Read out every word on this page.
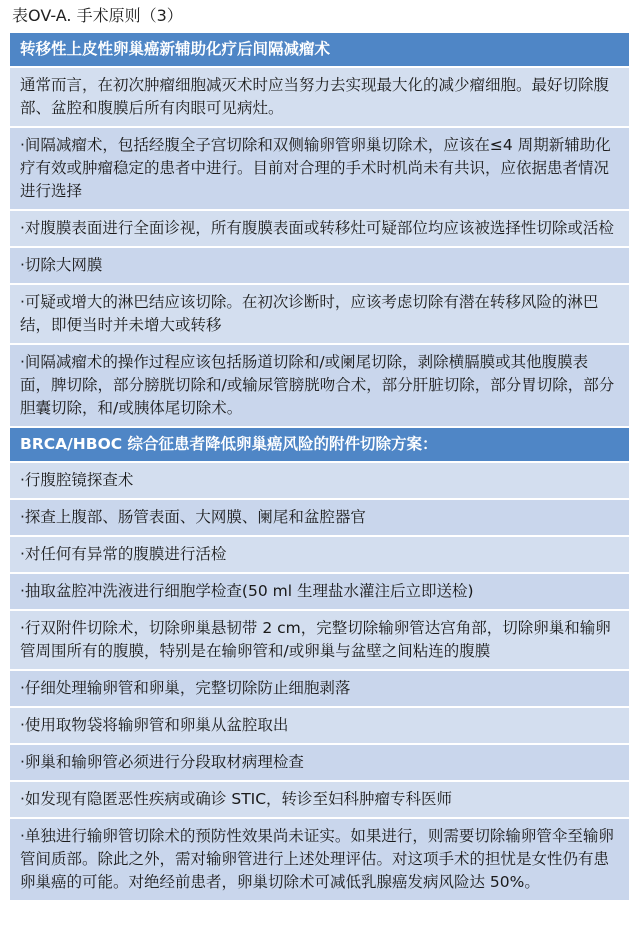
表OV-A. 手术原则（3）
转移性上皮性卵巢癌新辅助化疗后间隔减瘤术
通常而言，在初次肿瘤细胞减灭术时应当努力去实现最大化的减少瘤细胞。最好切除腹部、盆腔和腹膜后所有肉眼可见病灶。
·间隔减瘤术，包括经腹全子宫切除和双侧输卵管卵巢切除术，应该在≤4 周期新辅助化疗有效或肿瘤稳定的患者中进行。目前对合理的手术时机尚未有共识，应依据患者情况进行选择
·对腹膜表面进行全面诊视，所有腹膜表面或转移灶可疑部位均应该被选择性切除或活检
·切除大网膜
·可疑或增大的淋巴结应该切除。在初次诊断时，应该考虑切除有潜在转移风险的淋巴结，即便当时并未增大或转移
·间隔减瘤术的操作过程应该包括肠道切除和/或阑尾切除，剥除横膈膜或其他腹膜表面，脾切除，部分膀胱切除和/或输尿管膀胱吻合术，部分肝脏切除，部分胃切除，部分胆囊切除，和/或胰体尾切除术。
BRCA/HBOC 综合征患者降低卵巢癌风险的附件切除方案：
·行腹腔镜探查术
·探查上腹部、肠管表面、大网膜、阑尾和盆腔器官
·对任何有异常的腹膜进行活检
·抽取盆腔冲洗液进行细胞学检查(50 ml 生理盐水灌注后立即送检)
·行双附件切除术，切除卵巢悬韧带 2 cm，完整切除输卵管达宫角部，切除卵巢和输卵管周围所有的腹膜，特别是在输卵管和/或卵巢与盆壁之间粘连的腹膜
·仔细处理输卵管和卵巢，完整切除防止细胞剥落
·使用取物袋将输卵管和卵巢从盆腔取出
·卵巢和输卵管必须进行分段取材病理检查
·如发现有隐匿恶性疾病或确诊 STIC，转诊至妇科肿瘤专科医师
·单独进行输卵管切除术的预防性效果尚未证实。如果进行，则需要切除输卵管伞至输卵管间质部。除此之外，需对输卵管进行上述处理评估。对这项手术的担忧是女性仍有患卵巢癌的可能。对绝经前患者，卵巢切除术可减低乳腺癌发病风险达 50%。
